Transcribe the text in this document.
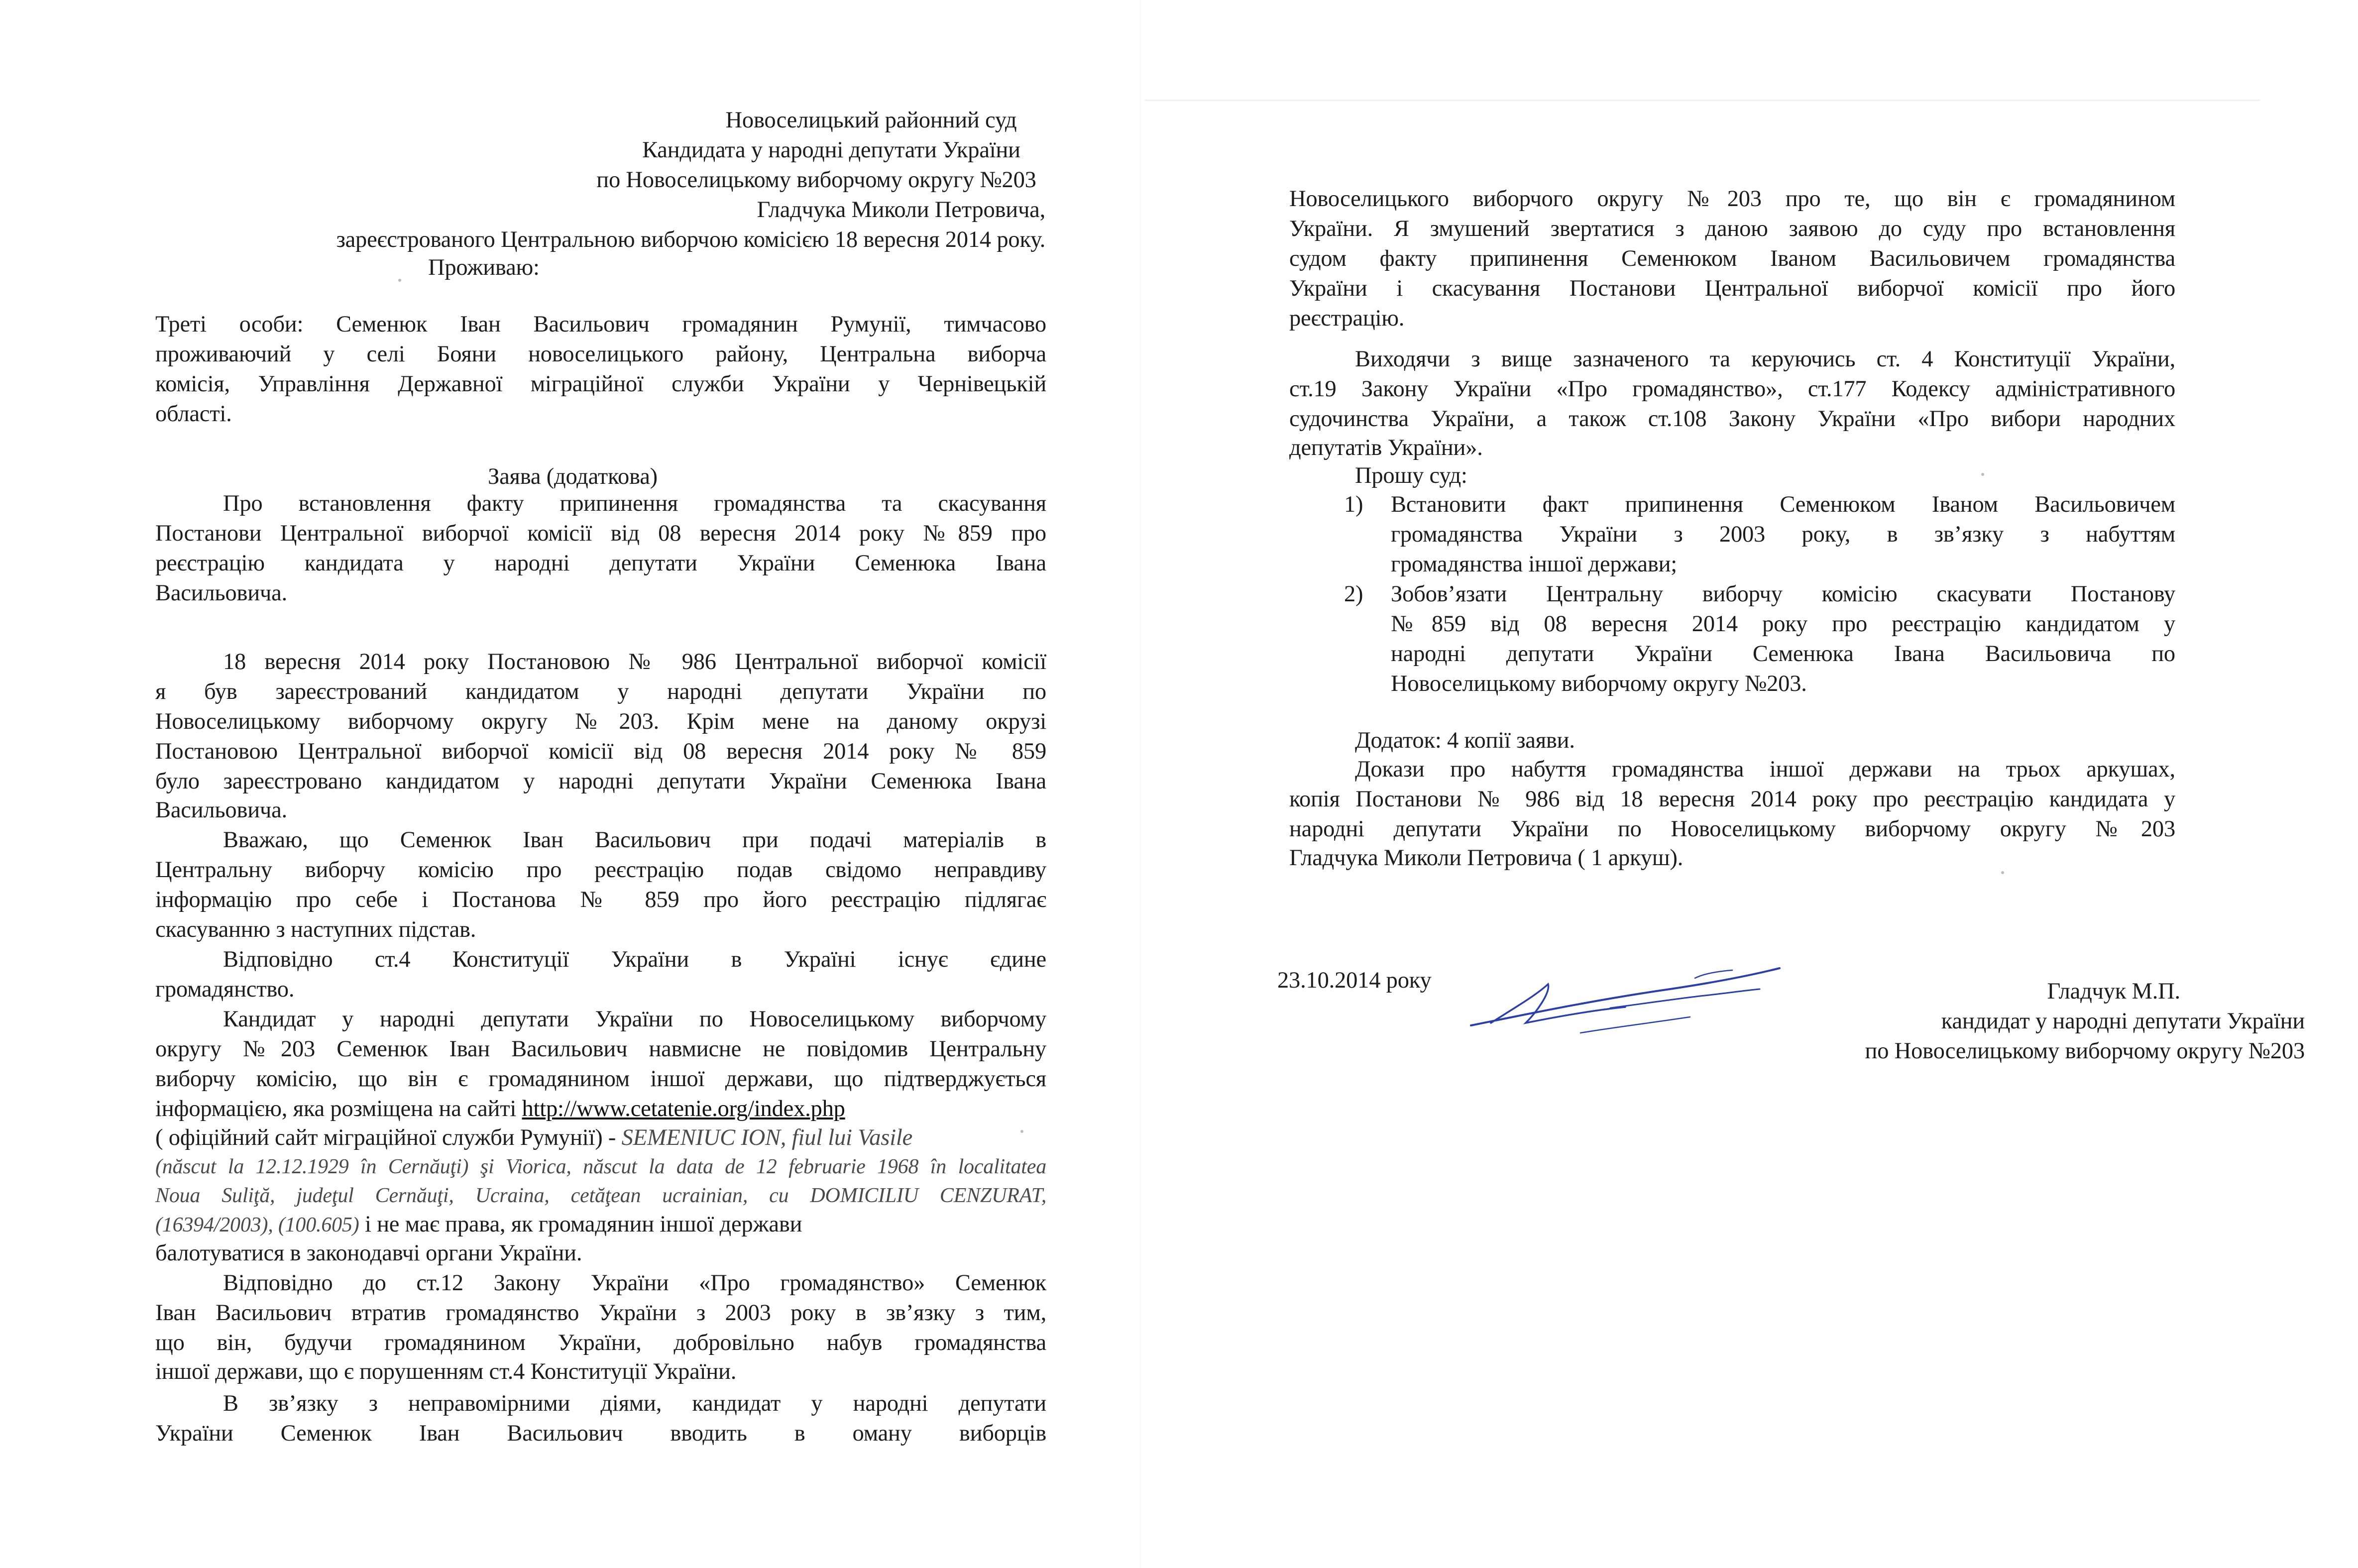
Новоселицький районний суд
Кандидата у народні депутати України
по Новоселицькому виборчому округу №203
Гладчука Миколи Петровича,
зареєстрованого Центральною виборчою комісією 18 вересня 2014 року.
Проживаю:
Треті особи: Семенюк Іван Васильович громадянин Румунії, тимчасово
проживаючий у селі Бояни новоселицького району, Центральна виборча
комісія, Управління Державної міграційної служби України у Чернівецькій
області.
Заява (додаткова)
Про встановлення факту припинення громадянства та скасування
Постанови Центральної виборчої комісії від 08 вересня 2014 року №859 про
реєстрацію кандидата у народні депутати України Семенюка Івана
Васильовича.
18 вересня 2014 року Постановою № 986 Центральної виборчої комісії
я був зареєстрований кандидатом у народні депутати України по
Новоселицькому виборчому округу №203. Крім мене на даному окрузі
Постановою Центральної виборчої комісії від 08 вересня 2014 року № 859
було зареєстровано кандидатом у народні депутати України Семенюка Івана
Васильовича.
Вважаю, що Семенюк Іван Васильович при подачі матеріалів в
Центральну виборчу комісію про реєстрацію подав свідомо неправдиву
інформацію про себе і Постанова № 859 про його реєстрацію підлягає
скасуванню з наступних підстав.
Відповідно ст.4 Конституції України в Україні існує єдине
громадянство.
Кандидат у народні депутати України по Новоселицькому виборчому
округу №203 Семенюк Іван Васильович навмисне не повідомив Центральну
виборчу комісію, що він є громадянином іншої держави, що підтверджується
інформацією, яка розміщена на сайті http://www.cetatenie.org/index.php
( офіційний сайт міграційної служби Румунії) - SEMENIUC ION, fiul lui Vasile
(născut la 12.12.1929 în Cernăuţi) şi Viorica, născut la data de 12 februarie 1968 în localitatea
Noua Suliţă, judeţul Cernăuţi, Ucraina, cetăţean ucrainian, cu DOMICILIU CENZURAT,
(16394/2003), (100.605) і не має права, як громадянин іншої держави
балотуватися в законодавчі органи України.
Відповідно до ст.12 Закону України «Про громадянство» Семенюк
Іван Васильович втратив громадянство України з 2003 року в зв’язку з тим,
що він, будучи громадянином України, добровільно набув громадянства
іншої держави, що є порушенням ст.4 Конституції України.
В зв’язку з неправомірними діями, кандидат у народні депутати
України Семенюк Іван Васильович вводить в оману виборців
Новоселицького виборчого округу №203 про те, що він є громадянином
України. Я змушений звертатися з даною заявою до суду про встановлення
судом факту припинення Семенюком Іваном Васильовичем громадянства
України і скасування Постанови Центральної виборчої комісії про його
реєстрацію.
Виходячи з вище зазначеного та керуючись ст. 4 Конституції України,
ст.19 Закону України «Про громадянство», ст.177 Кодексу адміністративного
судочинства України, а також ст.108 Закону України «Про вибори народних
депутатів України».
Прошу суд:
1)	Встановити факт припинення Семенюком Іваном Васильовичем
громадянства України з 2003 року, в зв’язку з набуттям
громадянства іншої держави;
2)	Зобов’язати Центральну виборчу комісію скасувати Постанову
№859 від 08 вересня 2014 року про реєстрацію кандидатом у
народні депутати України Семенюка Івана Васильовича по
Новоселицькому виборчому округу №203.
Додаток: 4 копії заяви.
Докази про набуття громадянства іншої держави на трьох аркушах,
копія Постанови № 986 від 18 вересня 2014 року про реєстрацію кандидата у
народні депутати України по Новоселицькому виборчому округу №203
Гладчука Миколи Петровича ( 1 аркуш).
23.10.2014 року	Гладчук М.П.
кандидат у народні депутати України
по Новоселицькому виборчому округу №203
